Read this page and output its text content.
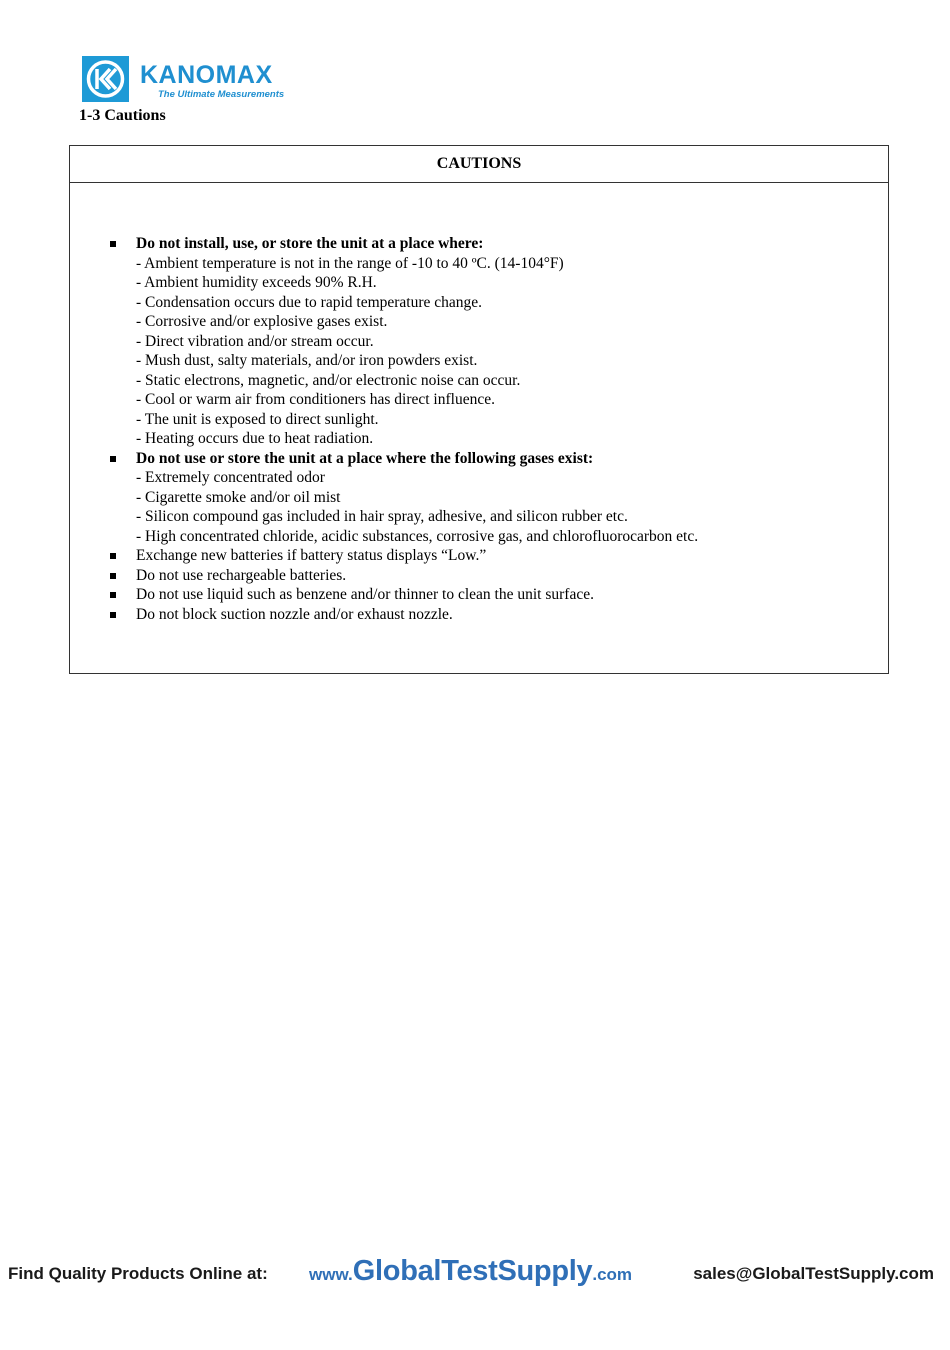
KANOMAX
The Ultimate Measurements
1-3 Cautions
CAUTIONS
Do not install, use, or store the unit at a place where:
- Ambient temperature is not in the range of -10 to 40 ºC. (14-104°F)
- Ambient humidity exceeds 90% R.H.
- Condensation occurs due to rapid temperature change.
- Corrosive and/or explosive gases exist.
- Direct vibration and/or stream occur.
- Mush dust, salty materials, and/or iron powders exist.
- Static electrons, magnetic, and/or electronic noise can occur.
- Cool or warm air from conditioners has direct influence.
- The unit is exposed to direct sunlight.
- Heating occurs due to heat radiation.
Do not use or store the unit at a place where the following gases exist:
- Extremely concentrated odor
- Cigarette smoke and/or oil mist
- Silicon compound gas included in hair spray, adhesive, and silicon rubber etc.
- High concentrated chloride, acidic substances, corrosive gas, and chlorofluorocarbon etc.
Exchange new batteries if battery status displays “Low.”
Do not use rechargeable batteries.
Do not use liquid such as benzene and/or thinner to clean the unit surface.
Do not block suction nozzle and/or exhaust nozzle.
Find Quality Products Online at: www.GlobalTestSupply.com	sales@GlobalTestSupply.com
